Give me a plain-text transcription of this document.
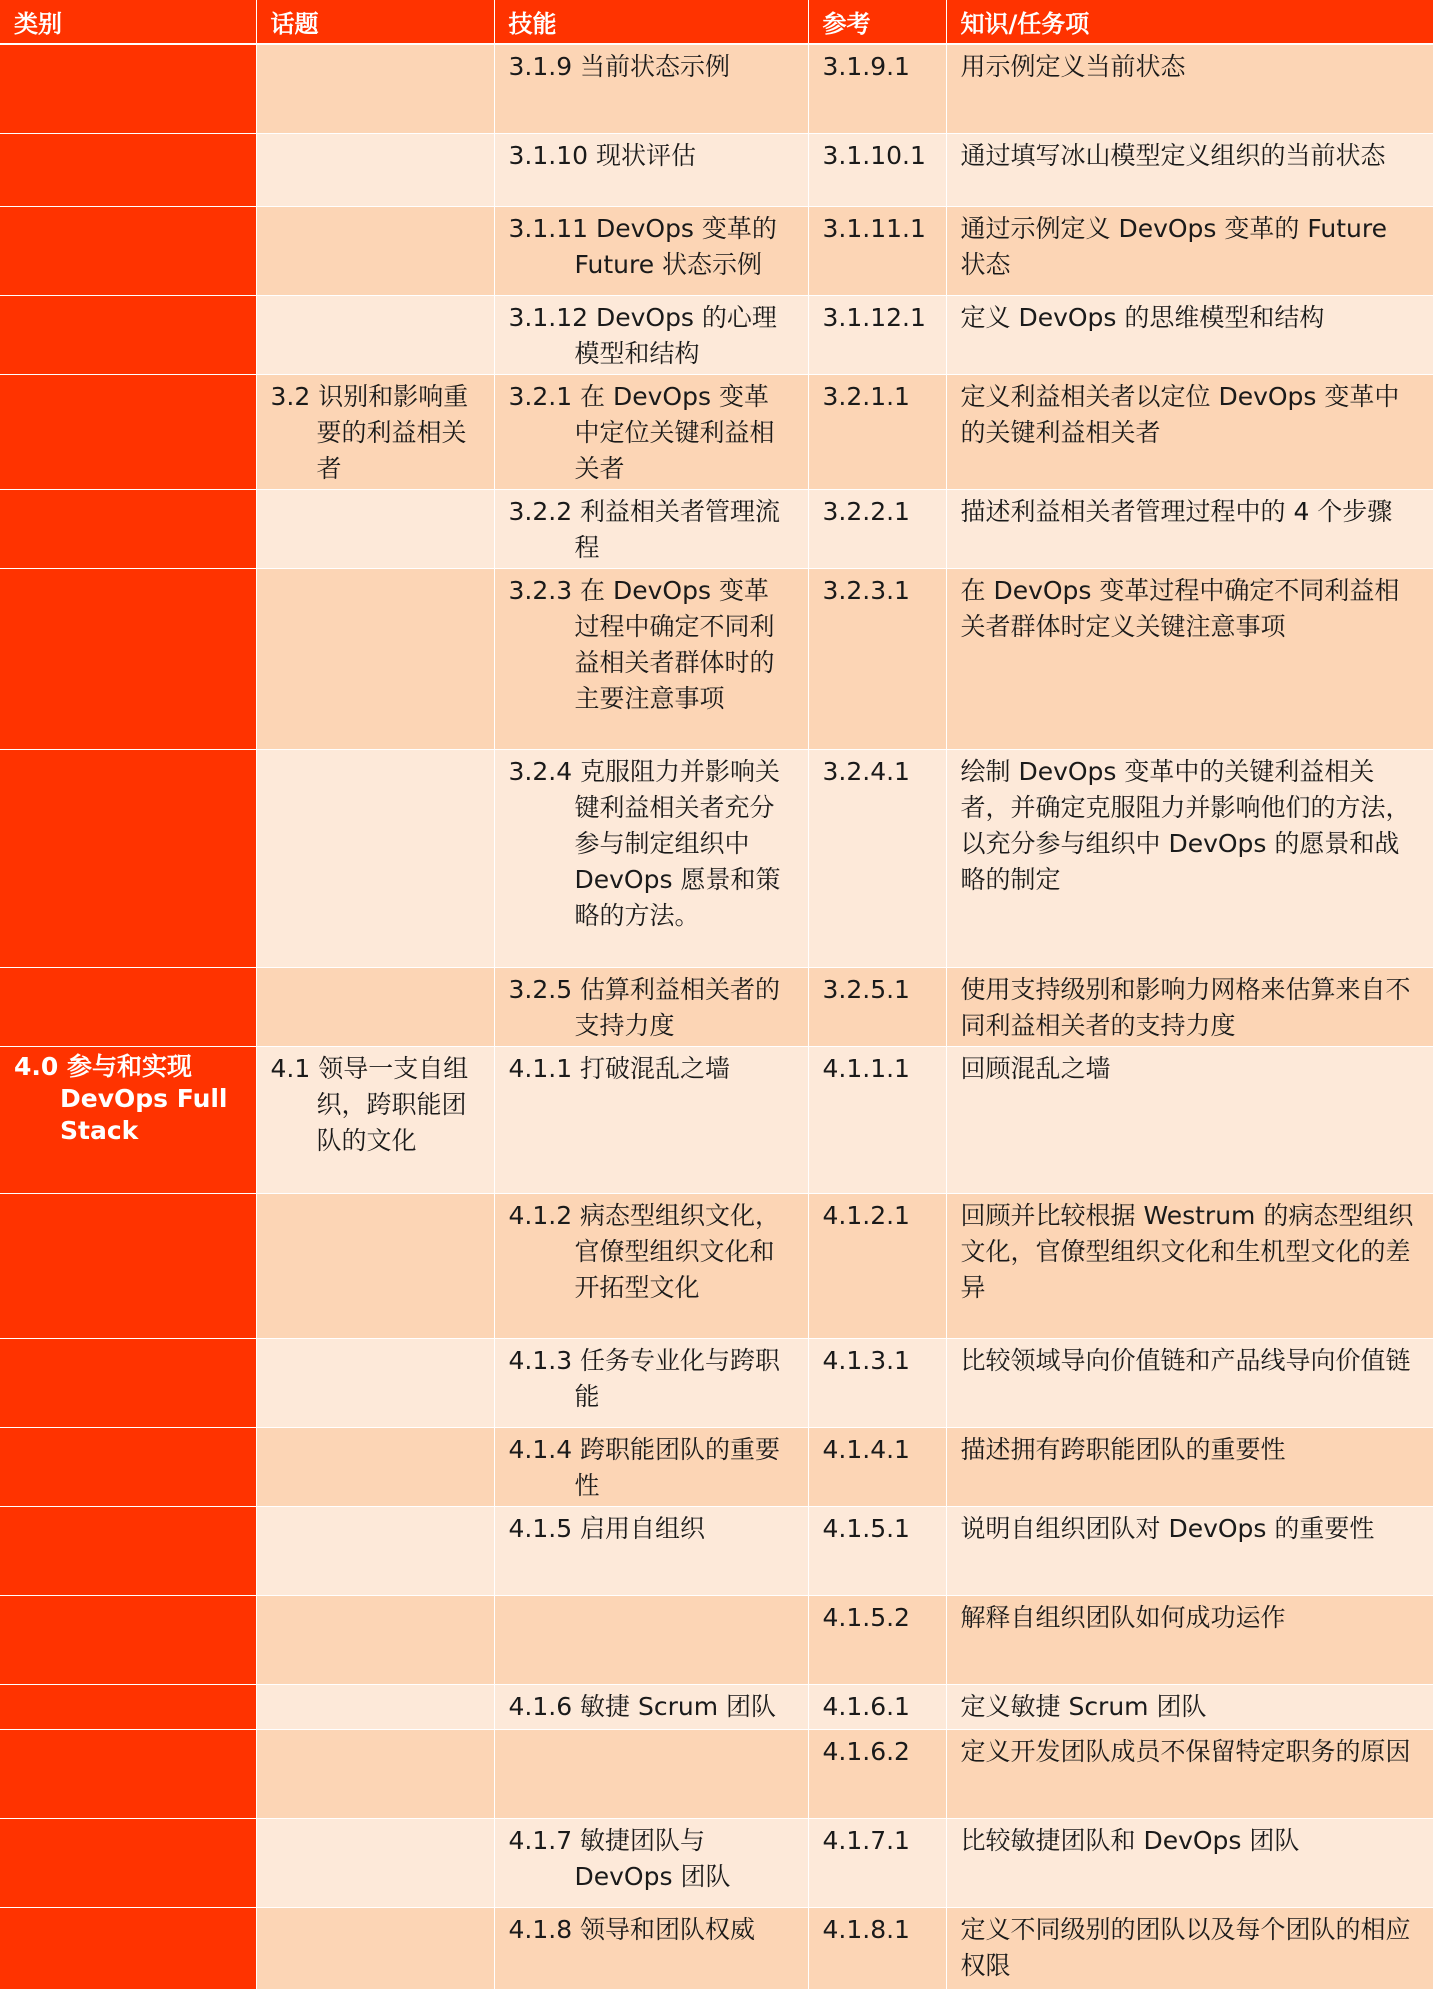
类别	话题	技能	参考	知识/任务项

		3.1.9 当前状态示例	3.1.9.1	用示例定义当前状态

		3.1.10 现状评估	3.1.10.1	通过填写冰山模型定义组织的当前状态

		3.1.11 DevOps 变革的 Future 状态示例	3.1.11.1	通过示例定义 DevOps 变革的 Future 状态

		3.1.12 DevOps 的心理模型和结构	3.1.12.1	定义 DevOps 的思维模型和结构

	3.2 识别和影响重要的利益相关者	3.2.1 在 DevOps 变革中定位关键利益相关者	3.2.1.1	定义利益相关者以定位 DevOps 变革中的关键利益相关者

		3.2.2 利益相关者管理流程	3.2.2.1	描述利益相关者管理过程中的 4 个步骤

		3.2.3 在 DevOps 变革过程中确定不同利益相关者群体时的主要注意事项	3.2.3.1	在 DevOps 变革过程中确定不同利益相关者群体时定义关键注意事项

		3.2.4 克服阻力并影响关键利益相关者充分参与制定组织中 DevOps 愿景和策略的方法。	3.2.4.1	绘制 DevOps 变革中的关键利益相关者，并确定克服阻力并影响他们的方法，以充分参与组织中 DevOps 的愿景和战略的制定

		3.2.5 估算利益相关者的支持力度	3.2.5.1	使用支持级别和影响力网格来估算来自不同利益相关者的支持力度

4.0 参与和实现 DevOps Full Stack	4.1 领导一支自组织，跨职能团队的文化	4.1.1 打破混乱之墙	4.1.1.1	回顾混乱之墙

		4.1.2 病态型组织文化，官僚型组织文化和开拓型文化	4.1.2.1	回顾并比较根据 Westrum 的病态型组织文化，官僚型组织文化和生机型文化的差异

		4.1.3 任务专业化与跨职能	4.1.3.1	比较领域导向价值链和产品线导向价值链

		4.1.4 跨职能团队的重要性	4.1.4.1	描述拥有跨职能团队的重要性

		4.1.5 启用自组织	4.1.5.1	说明自组织团队对 DevOps 的重要性
			4.1.5.2	解释自组织团队如何成功运作

		4.1.6 敏捷 Scrum 团队	4.1.6.1	定义敏捷 Scrum 团队
			4.1.6.2	定义开发团队成员不保留特定职务的原因

		4.1.7 敏捷团队与 DevOps 团队	4.1.7.1	比较敏捷团队和 DevOps 团队

		4.1.8 领导和团队权威	4.1.8.1	定义不同级别的团队以及每个团队的相应权限
